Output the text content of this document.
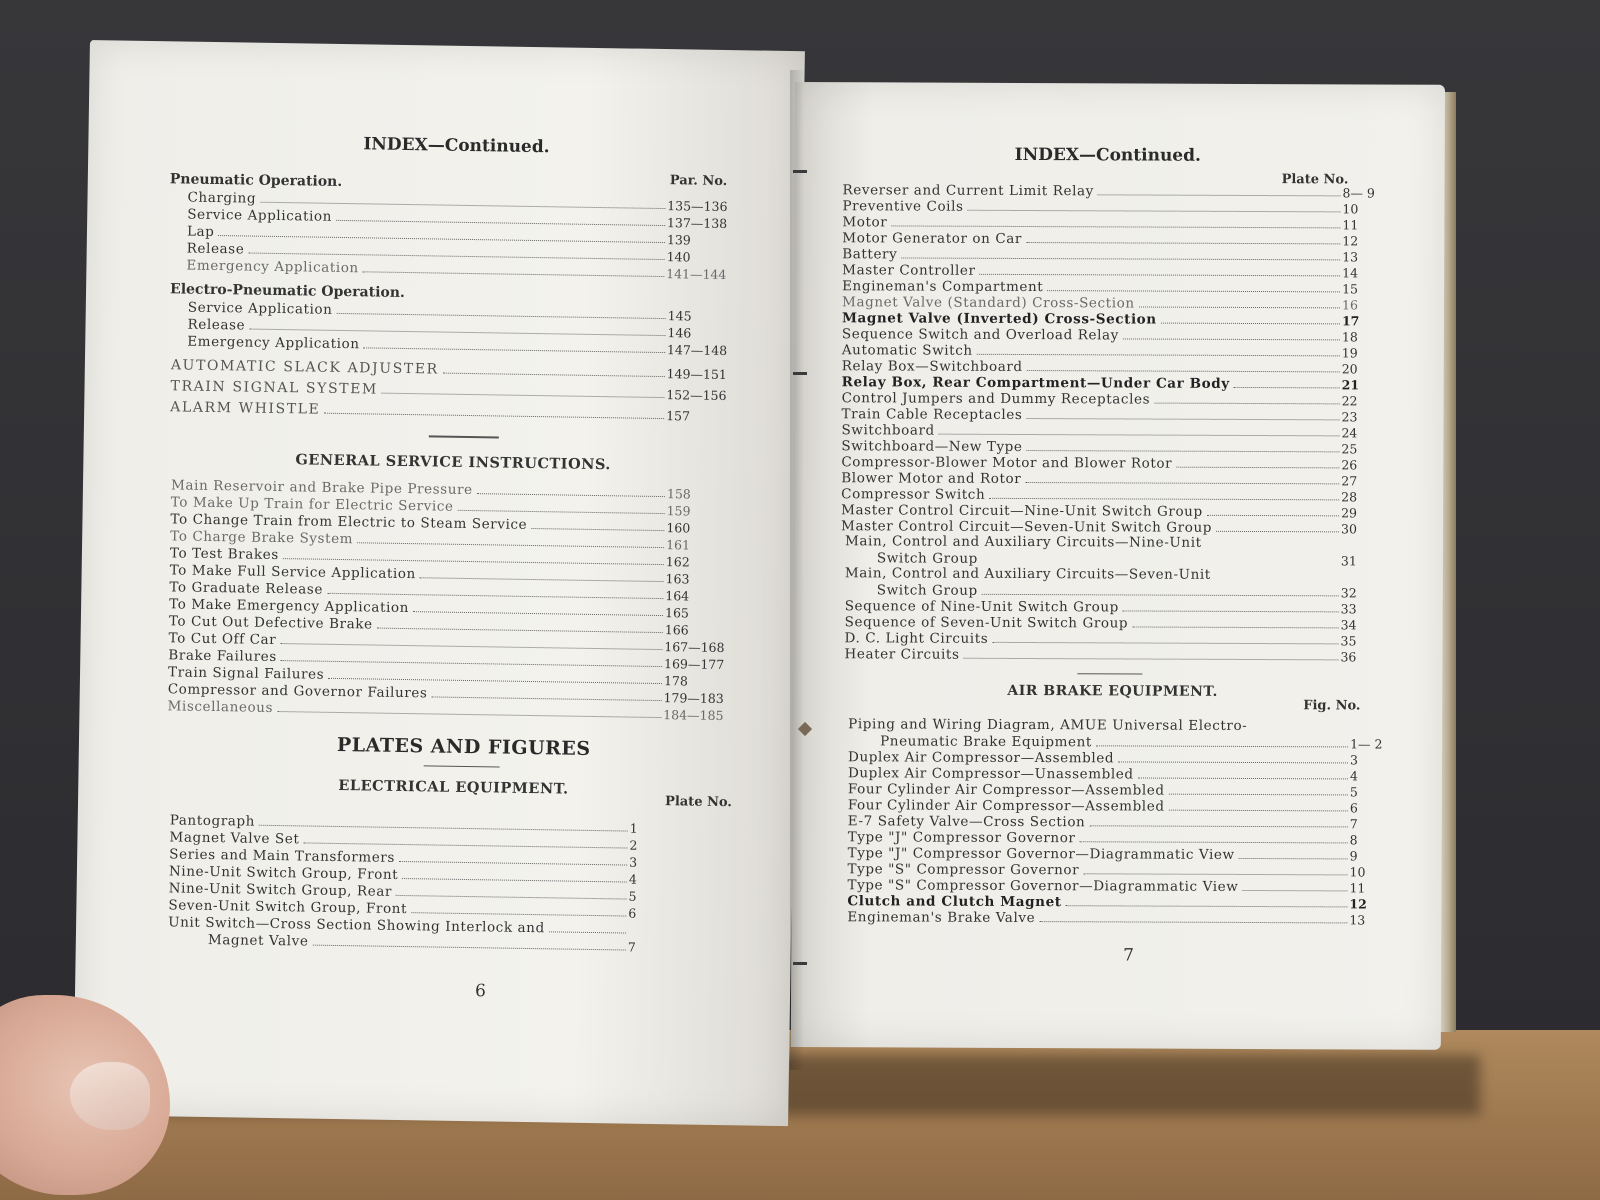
INDEX—Continued.
Par. No.
Pneumatic Operation.
Charging	135—136
Service Application	137—138
Lap	139
Release	140
Emergency Application	141—144
Electro-Pneumatic Operation.
Service Application	145
Release	146
Emergency Application	147—148
AUTOMATIC SLACK ADJUSTER	149—151
TRAIN SIGNAL SYSTEM	152—156
ALARM WHISTLE	157
GENERAL SERVICE INSTRUCTIONS.
Main Reservoir and Brake Pipe Pressure	158
To Make Up Train for Electric Service	159
To Change Train from Electric to Steam Service	160
To Charge Brake System	161
To Test Brakes	162
To Make Full Service Application	163
To Graduate Release	164
To Make Emergency Application	165
To Cut Out Defective Brake	166
To Cut Off Car	167—168
Brake Failures	169—177
Train Signal Failures	178
Compressor and Governor Failures	179—183
Miscellaneous	184—185
PLATES AND FIGURES
ELECTRICAL EQUIPMENT.
Plate No.
Pantograph	1
Magnet Valve Set	2
Series and Main Transformers	3
Nine-Unit Switch Group, Front	4
Nine-Unit Switch Group, Rear	5
Seven-Unit Switch Group, Front	6
Unit Switch—Cross Section Showing Interlock and
Magnet Valve	7
6
INDEX—Continued.
Plate No.
Reverser and Current Limit Relay	8— 9
Preventive Coils	10
Motor	11
Motor Generator on Car	12
Battery	13
Master Controller	14
Engineman's Compartment	15
Magnet Valve (Standard) Cross-Section	16
Magnet Valve (Inverted) Cross-Section	17
Sequence Switch and Overload Relay	18
Automatic Switch	19
Relay Box—Switchboard	20
Relay Box, Rear Compartment—Under Car Body	21
Control Jumpers and Dummy Receptacles	22
Train Cable Receptacles	23
Switchboard	24
Switchboard—New Type	25
Compressor-Blower Motor and Blower Rotor	26
Blower Motor and Rotor	27
Compressor Switch	28
Master Control Circuit—Nine-Unit Switch Group	29
Master Control Circuit—Seven-Unit Switch Group	30
Main, Control and Auxiliary Circuits—Nine-Unit
Switch Group	31
Main, Control and Auxiliary Circuits—Seven-Unit
Switch Group	32
Sequence of Nine-Unit Switch Group	33
Sequence of Seven-Unit Switch Group	34
D. C. Light Circuits	35
Heater Circuits	36
AIR BRAKE EQUIPMENT.
Fig. No.
Piping and Wiring Diagram, AMUE Universal Electro-
Pneumatic Brake Equipment	1— 2
Duplex Air Compressor—Assembled	3
Duplex Air Compressor—Unassembled	4
Four Cylinder Air Compressor—Assembled	5
Four Cylinder Air Compressor—Assembled	6
E-7 Safety Valve—Cross Section	7
Type "J" Compressor Governor	8
Type "J" Compressor Governor—Diagrammatic View	9
Type "S" Compressor Governor	10
Type "S" Compressor Governor—Diagrammatic View	11
Clutch and Clutch Magnet	12
Engineman's Brake Valve	13
7
